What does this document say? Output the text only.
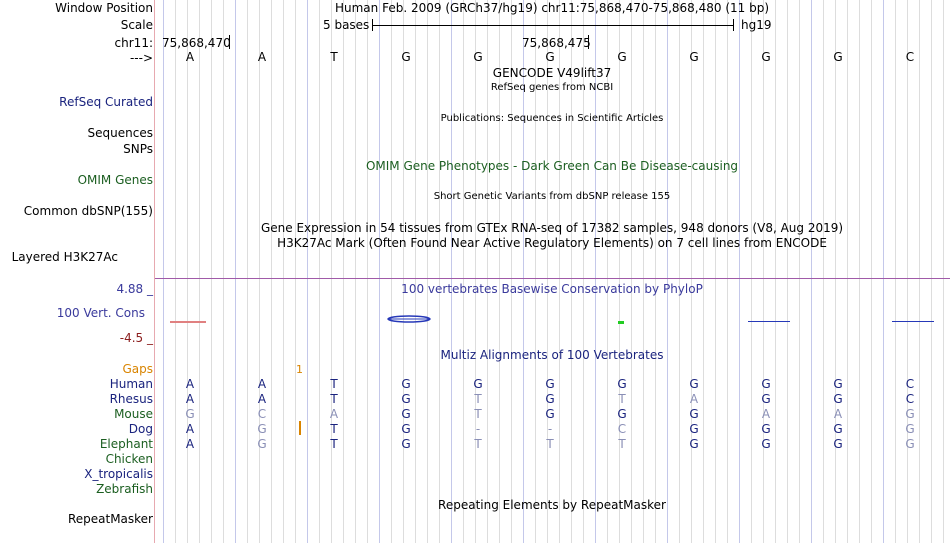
Window Position	Human Feb. 2009 (GRCh37/hg19) chr11:75,868,470-75,868,480 (11 bp)
Scale	5 bases	hg19
chr11: 75,868,470	75,868,475
--->	A	A	T	G	G	G	G	G	G	G	C
GENCODE V49lift37
RefSeq genes from NCBI
RefSeq Curated
Publications: Sequences in Scientific Articles
Sequences
SNPs
OMIM Gene Phenotypes - Dark Green Can Be Disease-causing
OMIM Genes
Short Genetic Variants from dbSNP release 155
Common dbSNP(155)
Gene Expression in 54 tissues from GTEx RNA-seq of 17382 samples, 948 donors (V8, Aug 2019)
H3K27Ac Mark (Often Found Near Active Regulatory Elements) on 7 cell lines from ENCODE
Layered H3K27Ac
4.88 _	100 vertebrates Basewise Conservation by PhyloP
100 Vert. Cons
-4.5 _
Multiz Alignments of 100 Vertebrates
Gaps	1
Human	A	A	T	G	G	G	G	G	G	G	C
Rhesus	A	A	T	G	T	G	T	A	G	G	C
Mouse	G	C	A	G	T	G	G	G	A	A	G
Dog	A	G	T	G	-	-	C	G	G	G	G
Elephant	A	G	T	G	T	T	T	G	G	G	G
Chicken
X_tropicalis
Zebrafish
Repeating Elements by RepeatMasker
RepeatMasker
